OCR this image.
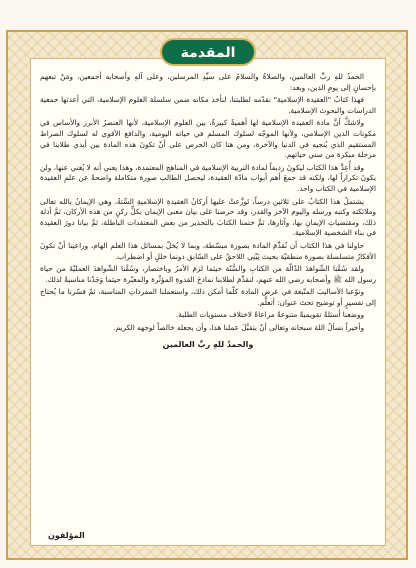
المقدمة

الحمدُ للهِ ربِّ العالمين، والصلاةُ والسلامُ على سيِّدِ المرسلين، وعلى آلهِ وأصحابه أجمعين، ومَنْ تبعهم بإحسانٍ إلى يومِ الدين، وبعد:

فهذا كتابُ "العقيدة الإسلامية" نقدّمه لطلبتنا، لنأخذ مكانه ضمن سلسلة العلوم الإسلامية، التي أعدتها جمعية الدراسات والبحوث الإسلامية.

ولاشكَّ أنَّ مادة العقيدة الإسلامية لها أهميةٌ كبيرةٌ، بين العلوم الإسلامية، لأنها العنصرُ الأبرز والأساس في مكونات الدين الإسلامي، ولأنها الموجّه لسلوك المسلم في حياته اليومية، والدافع الأقوى له لسلوك الصراط المستقيم الذي يُنجيه في الدنيا والآخرة، ومن هنا كان الحرص على أنْ تكونَ هذه المادة بين أيدي طلابنا في مرحلة مبكرة من سني حياتهم.

وقد أُعِدَّ هذا الكتاب ليكونَ رديفاً لمادة التربية الإسلامية في المناهج المعتمدة، وهذا يعني أنه لا يُغني عنها، ولن يكونَ تكراراً لها، ولكنه قد جمعَ أهم أبواب مادّة العقيدة، ليحصل الطالب صورة متكاملة واضحةً عن علمِ العقيدة الإسلامية في الكتاب واحد.

يشتملُ هذا الكتابُ على ثلاثين درساً، تَوزَّعتْ عليها أركانُ العقيدةِ الإسلاميةِ السِّتةُ، وهي الإيمانُ بالله تعالى وملائكته وكتبه ورسله واليوم الآخر والقدر، وقد حرصنا على بيان معنى الإيمان بكلٍّ ركنٍ من هذه الأركان، ثمَّ أدلة ذلك، ومقتضياتِ الإيمانِ بها، وآثارها، ثمَّ ختمنا الكتابَ بالتحذير من بعض المعتقدات الباطلة، ثمَّ بيانا دورَ العقيدة في بناء الشخصية الإسلامية.

حاولنا في هذا الكتاب أن نُقدِّمَ المادة بصورة مبسّطة، وبما لا يُخلّ بمسائل هذا العلم الهام، وراعينا أنْ تكونَ الأفكارُ متسلسلة بصورة منطقيّة بحيث يَبْنِي اللاحقُ على السّابق دونما خللٍ أو اضطراب.

ولقد سُقْنا الشّواهدَ الدّالّة من الكتابِ والسُّنّة حيثما لزمَ الأمرُ وباختصار، وسُقْنا الشّواهدَ العمليّةَ من حياة رسول الله ﷺ وأصحابه رضي الله عنهم، لنقدِّمَ لطلابنا نماذجَ القدوةِ المؤثّرة والمعبّرة حيثما وَجَدْنا مناسبةً لذلك.

ونوّعنا الأساليبَ المتّبعة في عرض المادة كلّما أمكن ذلك، واستعملنا المفرداتِ المناسبة، ثمّ فسّرنا ما يُحتاج إلى تفسيرٍ أو توضيح تحتَ عنوان: أتعلَّم.

ووضعنا أسئلةً تقويميةً متنوعةً مراعاةً لاختلاف مستويات الطلبة.

وأخيراً نسألُ اللهَ سبحانه وتعالى أنْ يتقبَّلَ عملنا هذا، وأن يجعله خالصاً لوجهه الكريم.

والحمدُ للهِ ربِّ العالمين
المؤلفون
